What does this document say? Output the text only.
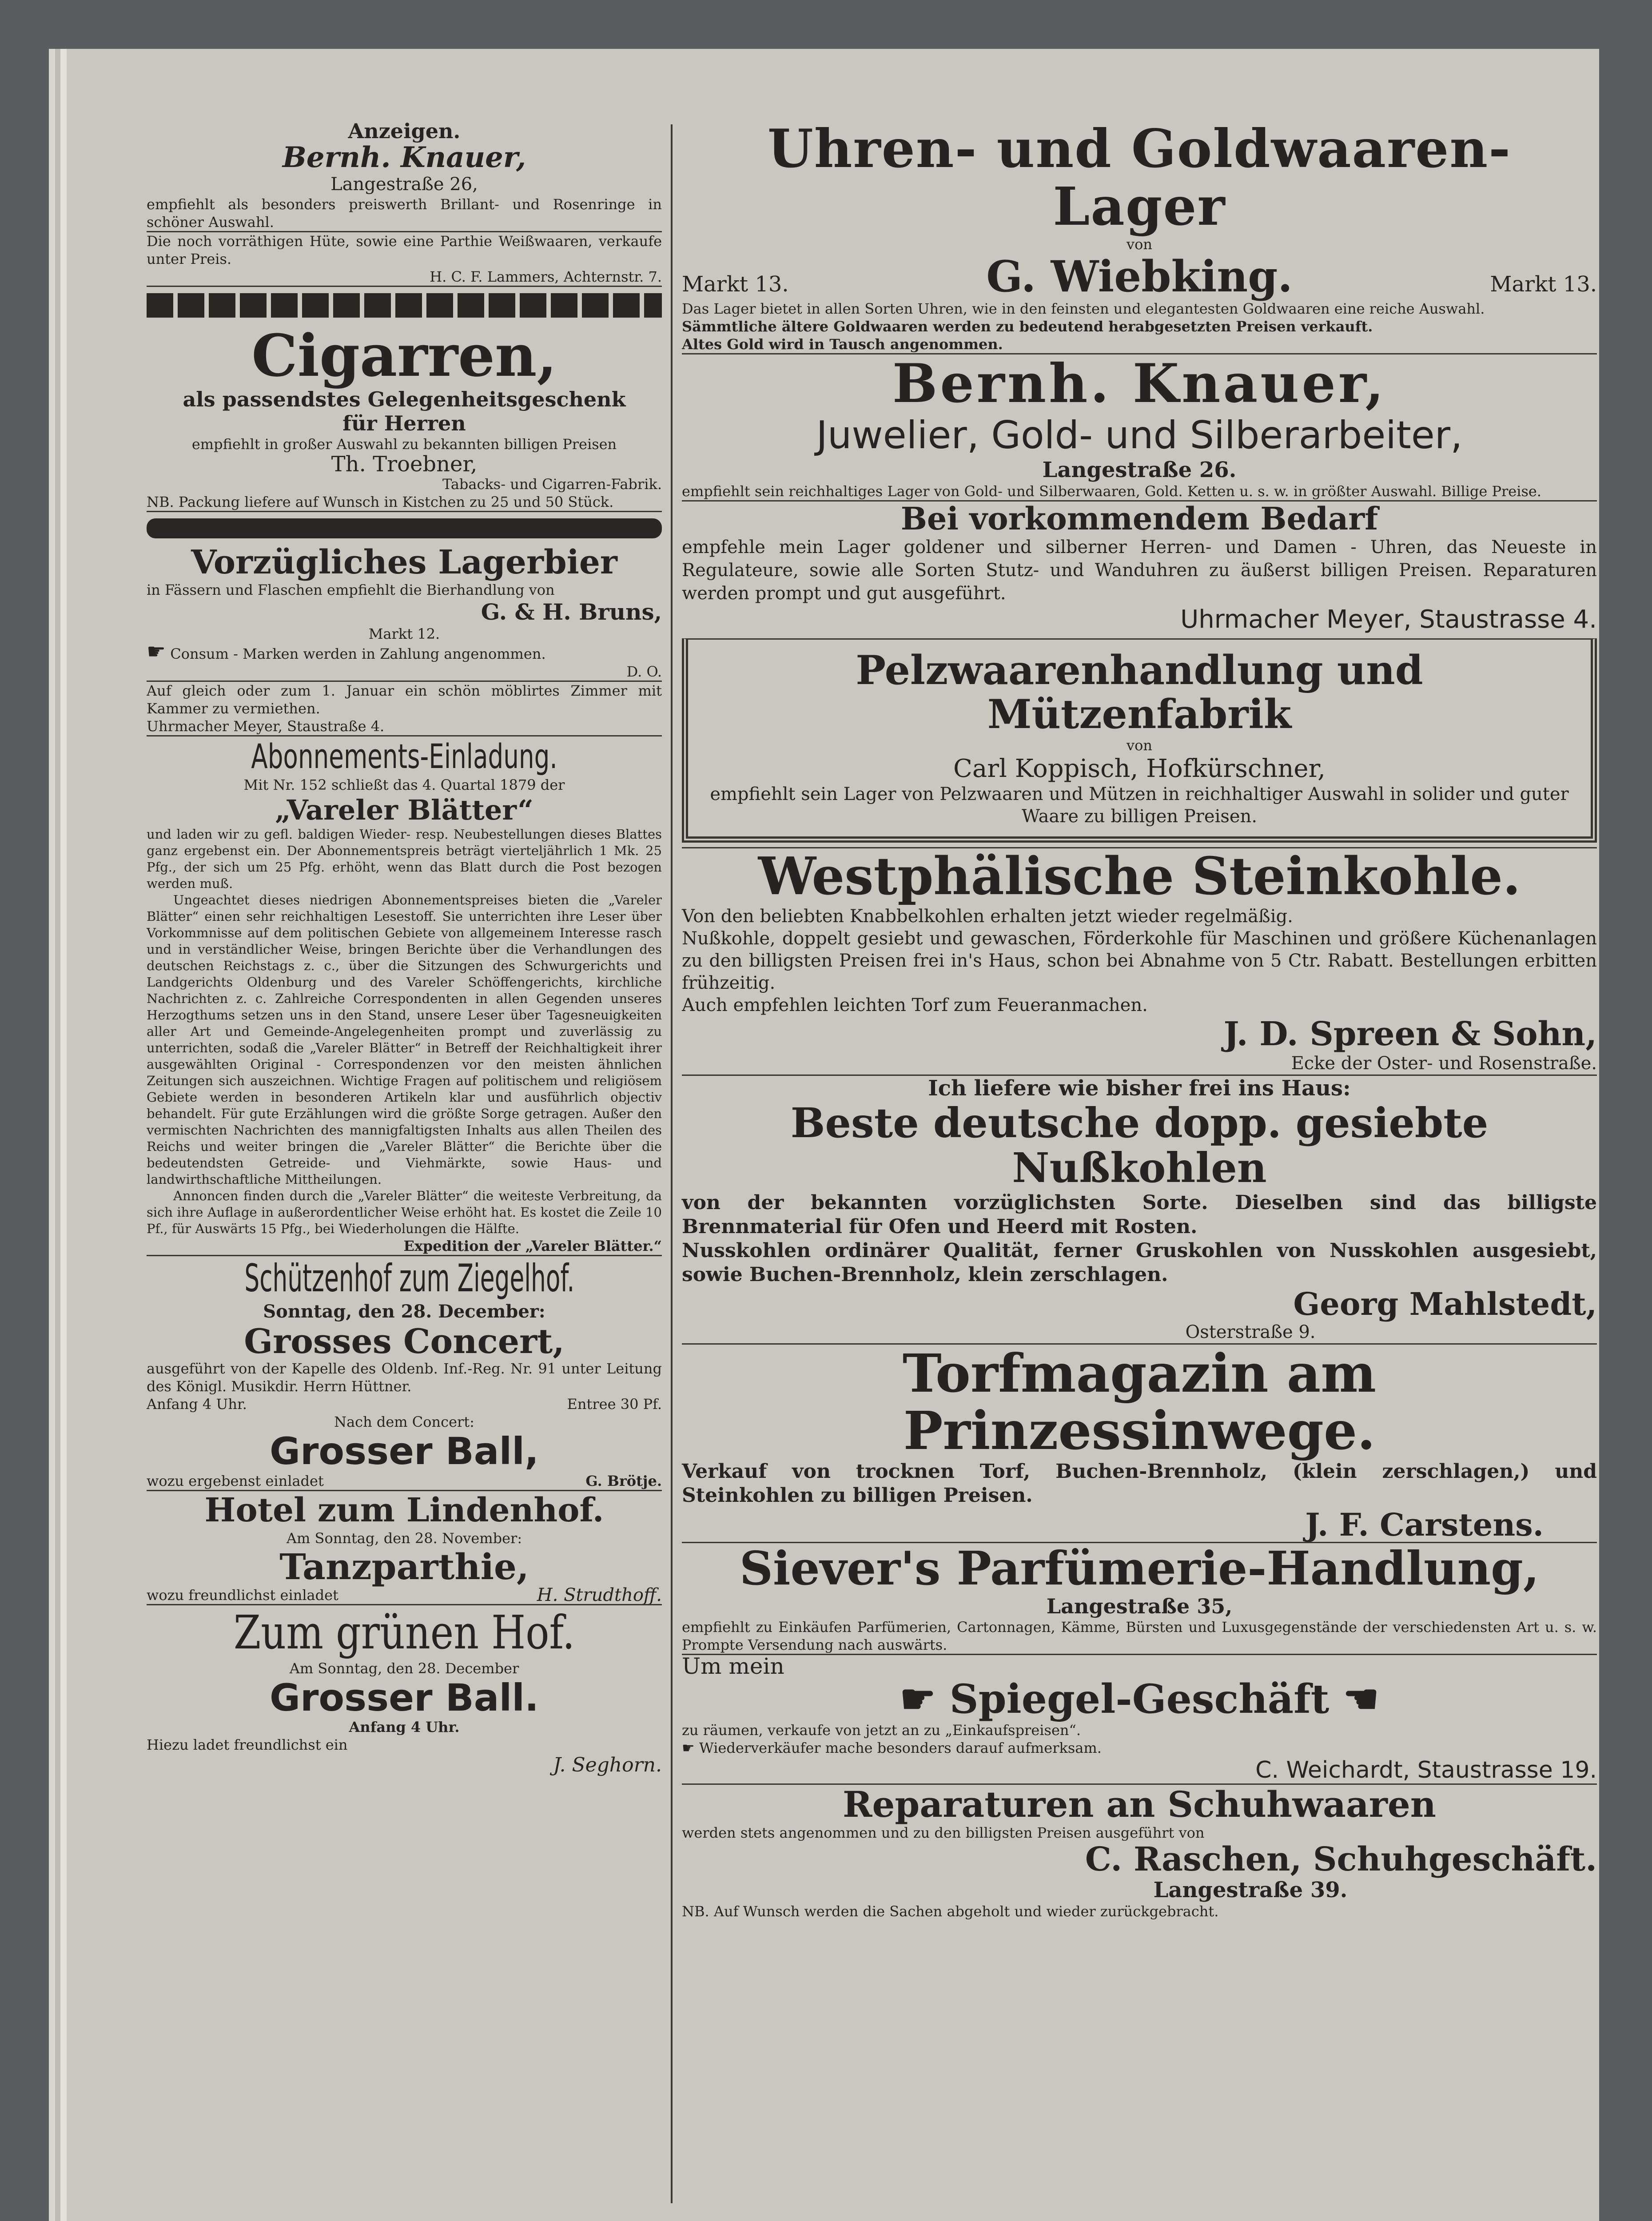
Anzeigen.
Bernh. Knauer,
Langestraße 26,

empfiehlt als besonders preiswerth Brillant- und Rosenringe in schöner Auswahl.

Die noch vorräthigen Hüte, sowie eine Parthie Weißwaaren, verkaufe unter Preis.

H. C. F. Lammers, Achternstr. 7.
Cigarren,
als passendstes Gelegenheitsgeschenk
für Herren
empfiehlt in großer Auswahl zu bekannten billigen Preisen
Th. Troebner,
Tabacks- und Cigarren-Fabrik.

NB. Packung liefere auf Wunsch in Kistchen zu 25 und 50 Stück.

Vorzügliches Lagerbier

in Fässern und Flaschen empfiehlt die Bierhandlung von

G. & H. Bruns,
Markt 12.

☛ Consum - Marken werden in Zahlung angenommen.

D. O.

Auf gleich oder zum 1. Januar ein schön möblirtes Zimmer mit Kammer zu vermiethen.

Uhrmacher Meyer, Staustraße 4.
Abonnements-Einladung.
Mit Nr. 152 schließt das 4. Quartal 1879 der
„Vareler Blätter“

und laden wir zu gefl. baldigen Wieder- resp. Neubestellungen dieses Blattes ganz ergebenst ein. Der Abonnementspreis beträgt vierteljährlich 1 Mk. 25 Pfg., der sich um 25 Pfg. erhöht, wenn das Blatt durch die Post bezogen werden muß.

Ungeachtet dieses niedrigen Abonnementspreises bieten die „Vareler Blätter“ einen sehr reichhaltigen Lesestoff. Sie unterrichten ihre Leser über Vorkommnisse auf dem politischen Gebiete von allgemeinem Interesse rasch und in verständlicher Weise, bringen Berichte über die Verhandlungen des deutschen Reichstags z. c., über die Sitzungen des Schwurgerichts und Landgerichts Oldenburg und des Vareler Schöffengerichts, kirchliche Nachrichten z. c. Zahlreiche Correspondenten in allen Gegenden unseres Herzogthums setzen uns in den Stand, unsere Leser über Tagesneuigkeiten aller Art und Gemeinde-Angelegenheiten prompt und zuverlässig zu unterrichten, sodaß die „Vareler Blätter“ in Betreff der Reichhaltigkeit ihrer ausgewählten Original - Correspondenzen vor den meisten ähnlichen Zeitungen sich auszeichnen. Wichtige Fragen auf politischem und religiösem Gebiete werden in besonderen Artikeln klar und ausführlich objectiv behandelt. Für gute Erzählungen wird die größte Sorge getragen. Außer den vermischten Nachrichten des mannigfaltigsten Inhalts aus allen Theilen des Reichs und weiter bringen die „Vareler Blätter“ die Berichte über die bedeutendsten Getreide- und Viehmärkte, sowie Haus- und landwirthschaftliche Mittheilungen.

Annoncen finden durch die „Vareler Blätter“ die weiteste Verbreitung, da sich ihre Auflage in außerordentlicher Weise erhöht hat. Es kostet die Zeile 10 Pf., für Auswärts 15 Pfg., bei Wiederholungen die Hälfte.

Expedition der „Vareler Blätter.“
Schützenhof zum Ziegelhof.
Sonntag, den 28. December:
Grosses Concert,

ausgeführt von der Kapelle des Oldenb. Inf.-Reg. Nr. 91 unter Leitung des Königl. Musikdir. Herrn Hüttner.

Anfang 4 Uhr.	Entree 30 Pf.
Nach dem Concert:
Grosser Ball,
wozu ergebenst einladet	G. Brötje.
Hotel zum Lindenhof.
Am Sonntag, den 28. November:
Tanzparthie,
wozu freundlichst einladet	H. Strudthoff.
Zum grünen Hof.
Am Sonntag, den 28. December
Grosser Ball.
Anfang 4 Uhr.
Hiezu ladet freundlichst ein
J. Seghorn.
Uhren- und Goldwaaren-Lager
von
Markt 13.	G. Wiebking.	Markt 13.

Das Lager bietet in allen Sorten Uhren, wie in den feinsten und elegantesten Goldwaaren eine reiche Auswahl.

Sämmtliche ältere Goldwaaren werden zu bedeutend herabgesetzten Preisen verkauft.

Altes Gold wird in Tausch angenommen.

Bernh. Knauer,
Juwelier, Gold- und Silberarbeiter,
Langestraße 26.

empfiehlt sein reichhaltiges Lager von Gold- und Silberwaaren, Gold. Ketten u. s. w. in größter Auswahl. Billige Preise.

Bei vorkommendem Bedarf

empfehle mein Lager goldener und silberner Herren- und Damen - Uhren, das Neueste in Regulateure, sowie alle Sorten Stutz- und Wanduhren zu äußerst billigen Preisen. Reparaturen werden prompt und gut ausgeführt.

Uhrmacher Meyer, Staustrasse 4.
Pelzwaarenhandlung und Mützenfabrik
von
Carl Koppisch, Hofkürschner,

empfiehlt sein Lager von Pelzwaaren und Mützen in reichhaltiger Auswahl in solider und guter Waare zu billigen Preisen.

Westphälische Steinkohle.

Von den beliebten Knabbelkohlen erhalten jetzt wieder regelmäßig.

Nußkohle, doppelt gesiebt und gewaschen, Förderkohle für Maschinen und größere Küchenanlagen zu den billigsten Preisen frei in's Haus, schon bei Abnahme von 5 Ctr. Rabatt. Bestellungen erbitten frühzeitig.

Auch empfehlen leichten Torf zum Feueranmachen.

J. D. Spreen & Sohn,
Ecke der Oster- und Rosenstraße.
Ich liefere wie bisher frei ins Haus:
Beste deutsche dopp. gesiebte Nußkohlen

von der bekannten vorzüglichsten Sorte. Dieselben sind das billigste Brennmaterial für Ofen und Heerd mit Rosten.

Nusskohlen ordinärer Qualität, ferner Gruskohlen von Nusskohlen ausgesiebt, sowie Buchen-Brennholz, klein zerschlagen.

Georg Mahlstedt,
Osterstraße 9.
Torfmagazin am Prinzessinwege.

Verkauf von trocknen Torf, Buchen-Brennholz, (klein zerschlagen,) und Steinkohlen zu billigen Preisen.

J. F. Carstens.
Siever's Parfümerie-Handlung,
Langestraße 35,

empfiehlt zu Einkäufen Parfümerien, Cartonnagen, Kämme, Bürsten und Luxusgegenstände der verschiedensten Art u. s. w. Prompte Versendung nach auswärts.

Um mein
☛ Spiegel-Geschäft ☚

zu räumen, verkaufe von jetzt an zu „Einkaufspreisen“.

☛ Wiederverkäufer mache besonders darauf aufmerksam.

C. Weichardt, Staustrasse 19.
Reparaturen an Schuhwaaren

werden stets angenommen und zu den billigsten Preisen ausgeführt von

C. Raschen, Schuhgeschäft.
Langestraße 39.

NB. Auf Wunsch werden die Sachen abgeholt und wieder zurückgebracht.
